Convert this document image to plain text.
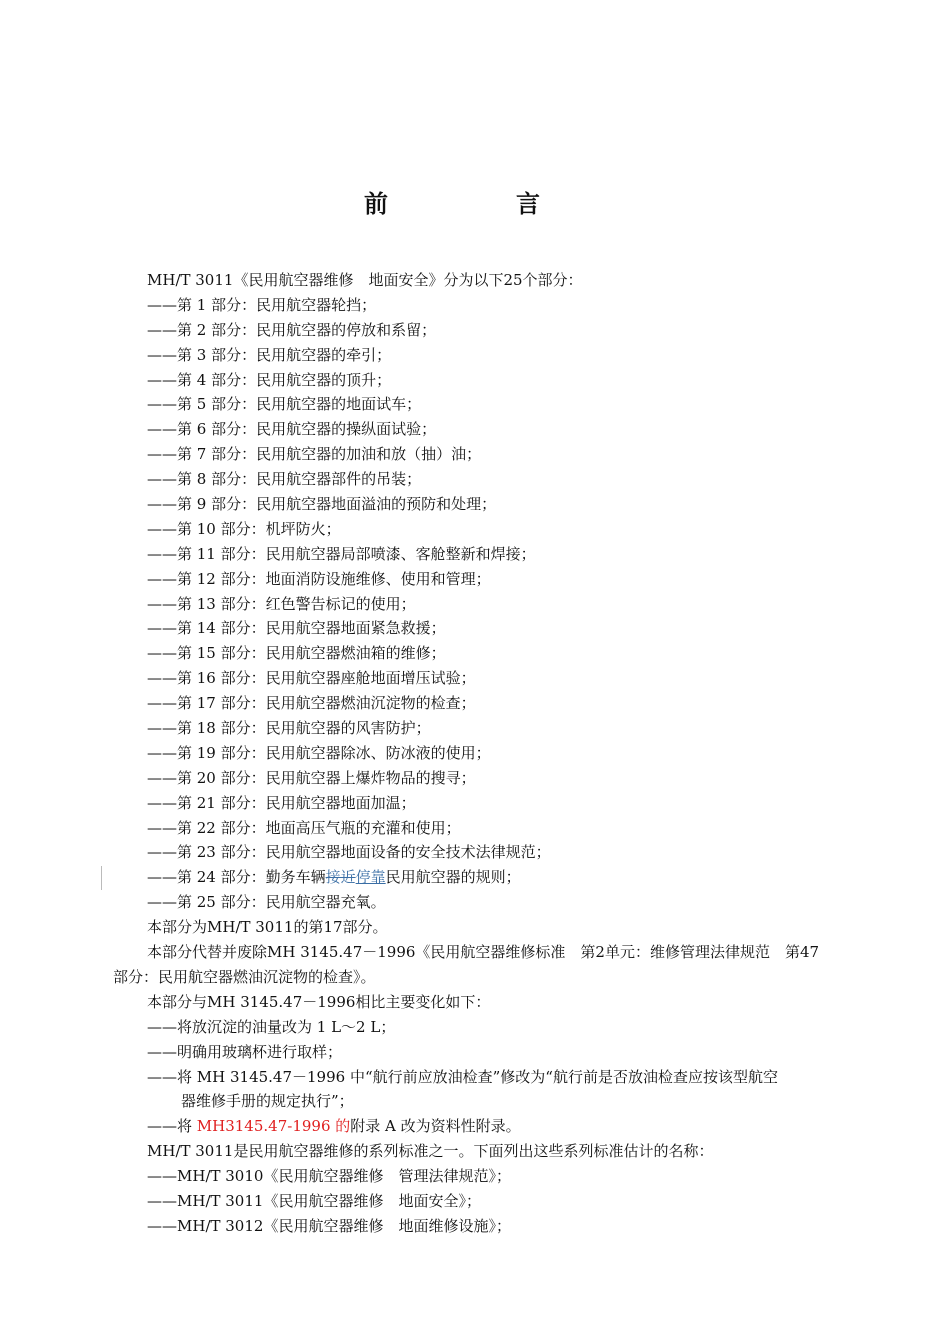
前　言
MH/T 3011《民用航空器维修　地面安全》分为以下25个部分：
——第 1 部分：民用航空器轮挡；
——第 2 部分：民用航空器的停放和系留；
——第 3 部分：民用航空器的牵引；
——第 4 部分：民用航空器的顶升；
——第 5 部分：民用航空器的地面试车；
——第 6 部分：民用航空器的操纵面试验；
——第 7 部分：民用航空器的加油和放（抽）油；
——第 8 部分：民用航空器部件的吊装；
——第 9 部分：民用航空器地面溢油的预防和处理；
——第 10 部分：机坪防火；
——第 11 部分：民用航空器局部喷漆、客舱整新和焊接；
——第 12 部分：地面消防设施维修、使用和管理；
——第 13 部分：红色警告标记的使用；
——第 14 部分：民用航空器地面紧急救援；
——第 15 部分：民用航空器燃油箱的维修；
——第 16 部分：民用航空器座舱地面增压试验；
——第 17 部分：民用航空器燃油沉淀物的检查；
——第 18 部分：民用航空器的风害防护；
——第 19 部分：民用航空器除冰、防冰液的使用；
——第 20 部分：民用航空器上爆炸物品的搜寻；
——第 21 部分：民用航空器地面加温；
——第 22 部分：地面高压气瓶的充灌和使用；
——第 23 部分：民用航空器地面设备的安全技术法律规范；
——第 24 部分：勤务车辆接近停靠民用航空器的规则；
——第 25 部分：民用航空器充氧。
本部分为MH/T 3011的第17部分。
本部分代替并废除MH 3145.47－1996《民用航空器维修标准　第2单元：维修管理法律规范　第47
部分：民用航空器燃油沉淀物的检查》。
本部分与MH 3145.47－1996相比主要变化如下：
——将放沉淀的油量改为 1 L～2 L；
——明确用玻璃杯进行取样；
——将 MH 3145.47－1996 中“航行前应放油检查”修改为“航行前是否放油检查应按该型航空
器维修手册的规定执行”；
——将 MH3145.47-1996 的附录 A 改为资料性附录。
MH/T 3011是民用航空器维修的系列标准之一。下面列出这些系列标准估计的名称：
——MH/T 3010《民用航空器维修　管理法律规范》；
——MH/T 3011《民用航空器维修　地面安全》；
——MH/T 3012《民用航空器维修　地面维修设施》；
